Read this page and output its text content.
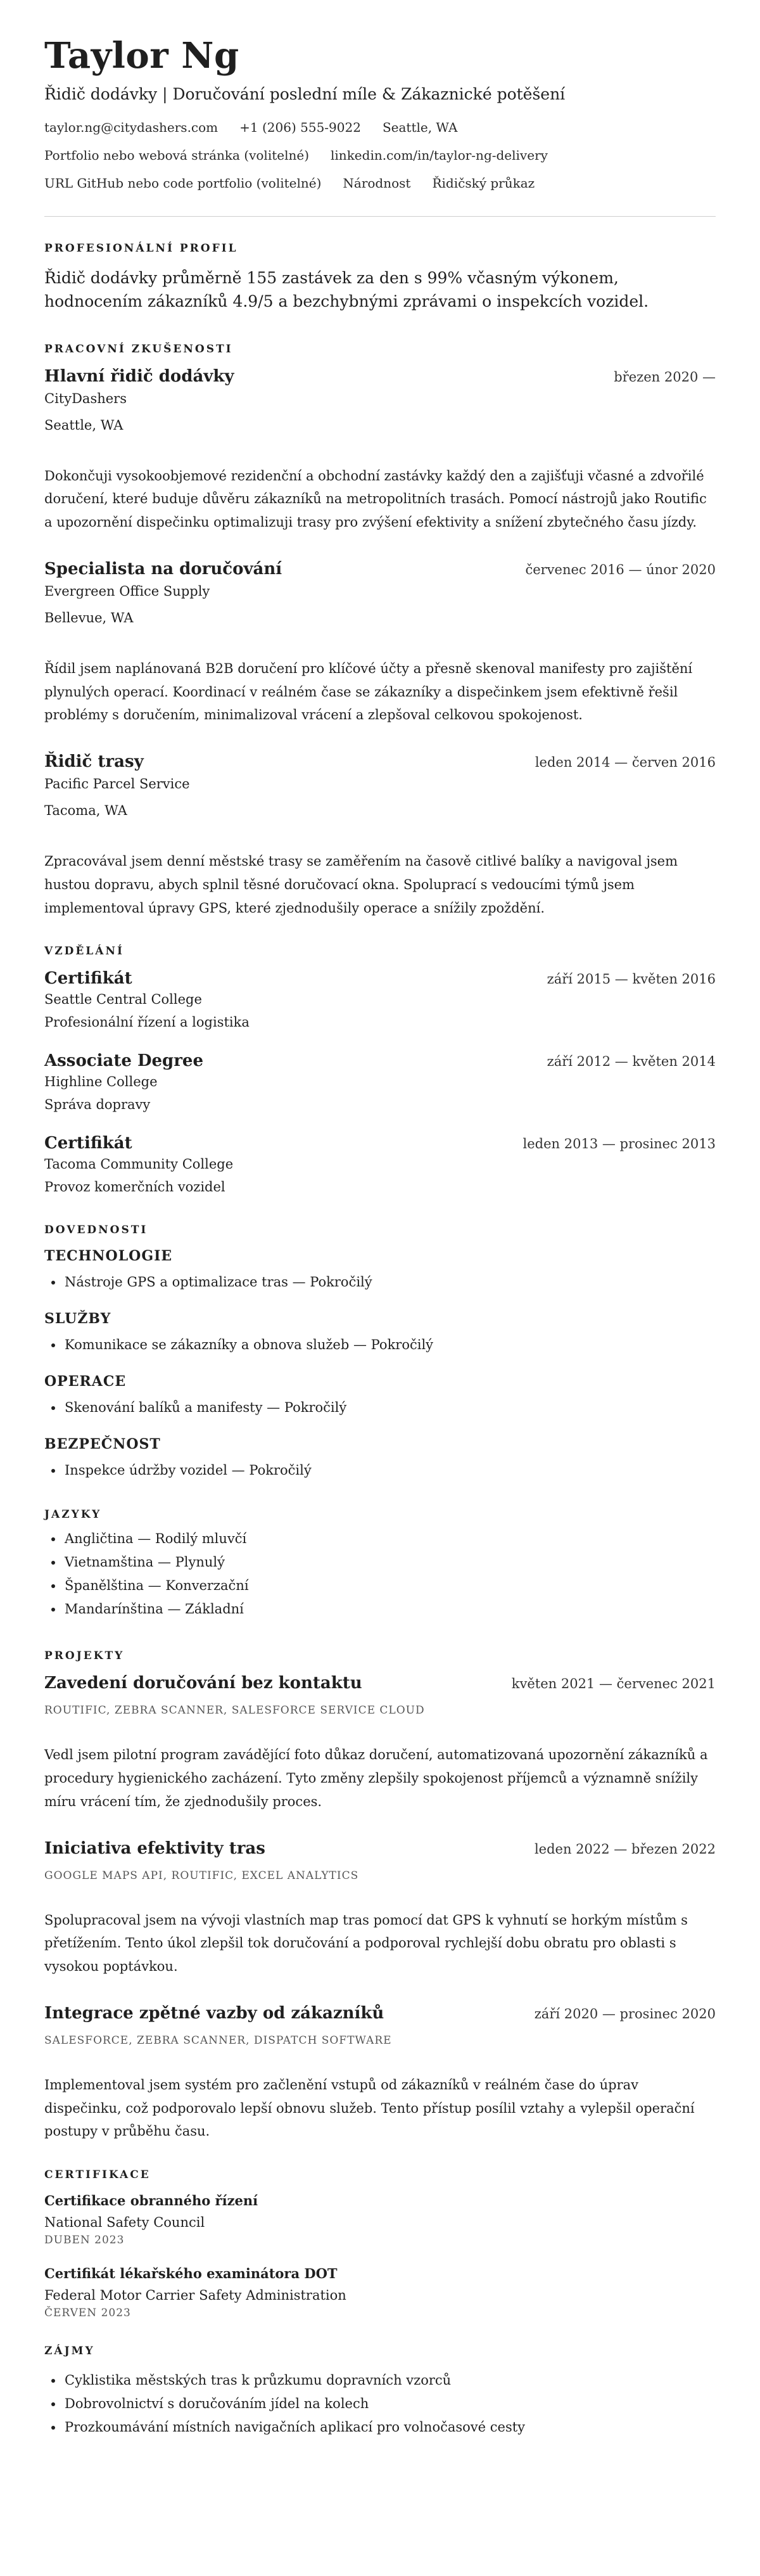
Taylor Ng
Řidič dodávky | Doručování poslední míle & Zákaznické potěšení
taylor.ng@citydashers.com +1 (206) 555-9022 Seattle, WA
Portfolio nebo webová stránka (volitelné) linkedin.com/in/taylor-ng-delivery
URL GitHub nebo code portfolio (volitelné) Národnost Řidičský průkaz
PROFESIONÁLNÍ PROFIL
Řidič dodávky průměrně 155 zastávek za den s 99% včasným výkonem, hodnocením zákazníků 4.9/5 a bezchybnými zprávami o inspekcích vozidel.
PRACOVNÍ ZKUŠENOSTI
Hlavní řidič dodávky	březen 2020 —
CityDashers
Seattle, WA
Dokončuji vysokoobjemové rezidenční a obchodní zastávky každý den a zajišťuji včasné a zdvořilé doručení, které buduje důvěru zákazníků na metropolitních trasách. Pomocí nástrojů jako Routific a upozornění dispečinku optimalizuji trasy pro zvýšení efektivity a snížení zbytečného času jízdy.
Specialista na doručování	červenec 2016 — únor 2020
Evergreen Office Supply
Bellevue, WA
Řídil jsem naplánovaná B2B doručení pro klíčové účty a přesně skenoval manifesty pro zajištění plynulých operací. Koordinací v reálném čase se zákazníky a dispečinkem jsem efektivně řešil problémy s doručením, minimalizoval vrácení a zlepšoval celkovou spokojenost.
Řidič trasy	leden 2014 — červen 2016
Pacific Parcel Service
Tacoma, WA
Zpracovával jsem denní městské trasy se zaměřením na časově citlivé balíky a navigoval jsem hustou dopravu, abych splnil těsné doručovací okna. Spoluprací s vedoucími týmů jsem implementoval úpravy GPS, které zjednodušily operace a snížily zpoždění.
VZDĚLÁNÍ
Certifikát	září 2015 — květen 2016
Seattle Central College
Profesionální řízení a logistika
Associate Degree	září 2012 — květen 2014
Highline College
Správa dopravy
Certifikát	leden 2013 — prosinec 2013
Tacoma Community College
Provoz komerčních vozidel
DOVEDNOSTI
TECHNOLOGIE
• Nástroje GPS a optimalizace tras — Pokročilý
SLUŽBY
• Komunikace se zákazníky a obnova služeb — Pokročilý
OPERACE
• Skenování balíků a manifesty — Pokročilý
BEZPEČNOST
• Inspekce údržby vozidel — Pokročilý
JAZYKY
• Angličtina — Rodilý mluvčí
• Vietnamština — Plynulý
• Španělština — Konverzační
• Mandarínština — Základní
PROJEKTY
Zavedení doručování bez kontaktu	květen 2021 — červenec 2021
ROUTIFIC, ZEBRA SCANNER, SALESFORCE SERVICE CLOUD
Vedl jsem pilotní program zavádějící foto důkaz doručení, automatizovaná upozornění zákazníků a procedury hygienického zacházení. Tyto změny zlepšily spokojenost příjemců a významně snížily míru vrácení tím, že zjednodušily proces.
Iniciativa efektivity tras	leden 2022 — březen 2022
GOOGLE MAPS API, ROUTIFIC, EXCEL ANALYTICS
Spolupracoval jsem na vývoji vlastních map tras pomocí dat GPS k vyhnutí se horkým místům s přetížením. Tento úkol zlepšil tok doručování a podporoval rychlejší dobu obratu pro oblasti s vysokou poptávkou.
Integrace zpětné vazby od zákazníků	září 2020 — prosinec 2020
SALESFORCE, ZEBRA SCANNER, DISPATCH SOFTWARE
Implementoval jsem systém pro začlenění vstupů od zákazníků v reálném čase do úprav dispečinku, což podporovalo lepší obnovu služeb. Tento přístup posílil vztahy a vylepšil operační postupy v průběhu času.
CERTIFIKACE
Certifikace obranného řízení
National Safety Council
DUBEN 2023
Certifikát lékařského examinátora DOT
Federal Motor Carrier Safety Administration
ČERVEN 2023
ZÁJMY
• Cyklistika městských tras k průzkumu dopravních vzorců
• Dobrovolnictví s doručováním jídel na kolech
• Prozkoumávání místních navigačních aplikací pro volnočasové cesty
